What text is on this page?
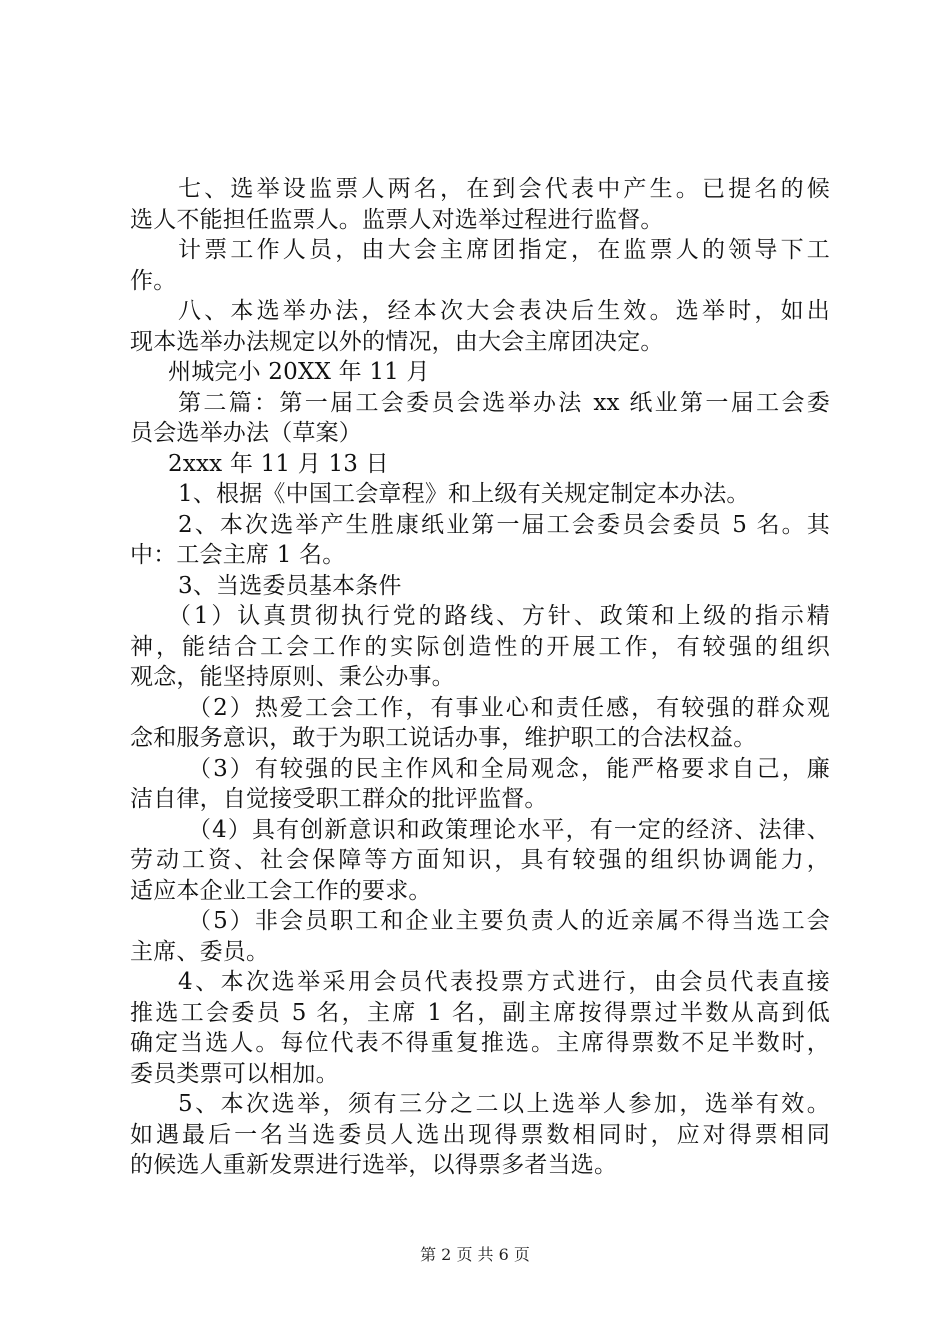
七、选举设监票人两名，在到会代表中产生。已提名的候
选人不能担任监票人。监票人对选举过程进行监督。
计票工作人员，由大会主席团指定，在监票人的领导下工
作。
八、本选举办法，经本次大会表决后生效。选举时，如出
现本选举办法规定以外的情况，由大会主席团决定。
州城完小 20XX 年 11 月
第二篇：第一届工会委员会选举办法 xx 纸业第一届工会委
员会选举办法（草案）
2xxx 年 11 月 13 日
1、根据《中国工会章程》和上级有关规定制定本办法。
2、本次选举产生胜康纸业第一届工会委员会委员 5 名。其
中：工会主席 1 名。
3、当选委员基本条件
（1）认真贯彻执行党的路线、方针、政策和上级的指示精
神，能结合工会工作的实际创造性的开展工作，有较强的组织
观念，能坚持原则、秉公办事。
（2）热爱工会工作，有事业心和责任感，有较强的群众观
念和服务意识，敢于为职工说话办事，维护职工的合法权益。
（3）有较强的民主作风和全局观念，能严格要求自己，廉
洁自律，自觉接受职工群众的批评监督。
（4）具有创新意识和政策理论水平，有一定的经济、法律、
劳动工资、社会保障等方面知识，具有较强的组织协调能力，
适应本企业工会工作的要求。
（5）非会员职工和企业主要负责人的近亲属不得当选工会
主席、委员。
4、本次选举采用会员代表投票方式进行，由会员代表直接
推选工会委员 5 名，主席 1 名，副主席按得票过半数从高到低
确定当选人。每位代表不得重复推选。主席得票数不足半数时，
委员类票可以相加。
5、本次选举，须有三分之二以上选举人参加，选举有效。
如遇最后一名当选委员人选出现得票数相同时，应对得票相同
的候选人重新发票进行选举，以得票多者当选。
第 2 页 共 6 页
